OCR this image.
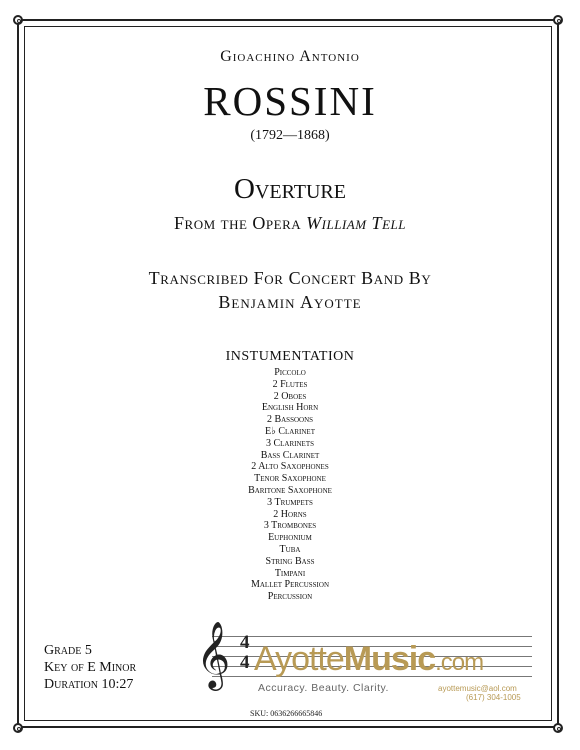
Gioachino Antonio
ROSSINI
(1792—1868)
Overture
From the Opera William Tell
Transcribed For Concert Band By
Benjamin Ayotte
INSTUMENTATION
Piccolo
2 Flutes
2 Oboes
English Horn
2 Bassoons
E♭ Clarinet
3 Clarinets
Bass Clarinet
2 Alto Saxophones
Tenor Saxophone
Baritone Saxophone
3 Trumpets
2 Horns
3 Trombones
Euphonium
Tuba
String Bass
Timpani
Mallet Percussion
Percussion
Grade 5
Key of E Minor
Duration 10:27 𝄞 4
4 AyotteMusic.com
Accuracy. Beauty. Clarity.	ayottemusic@aol.com
(617) 304-1005
SKU: 0636266665846
